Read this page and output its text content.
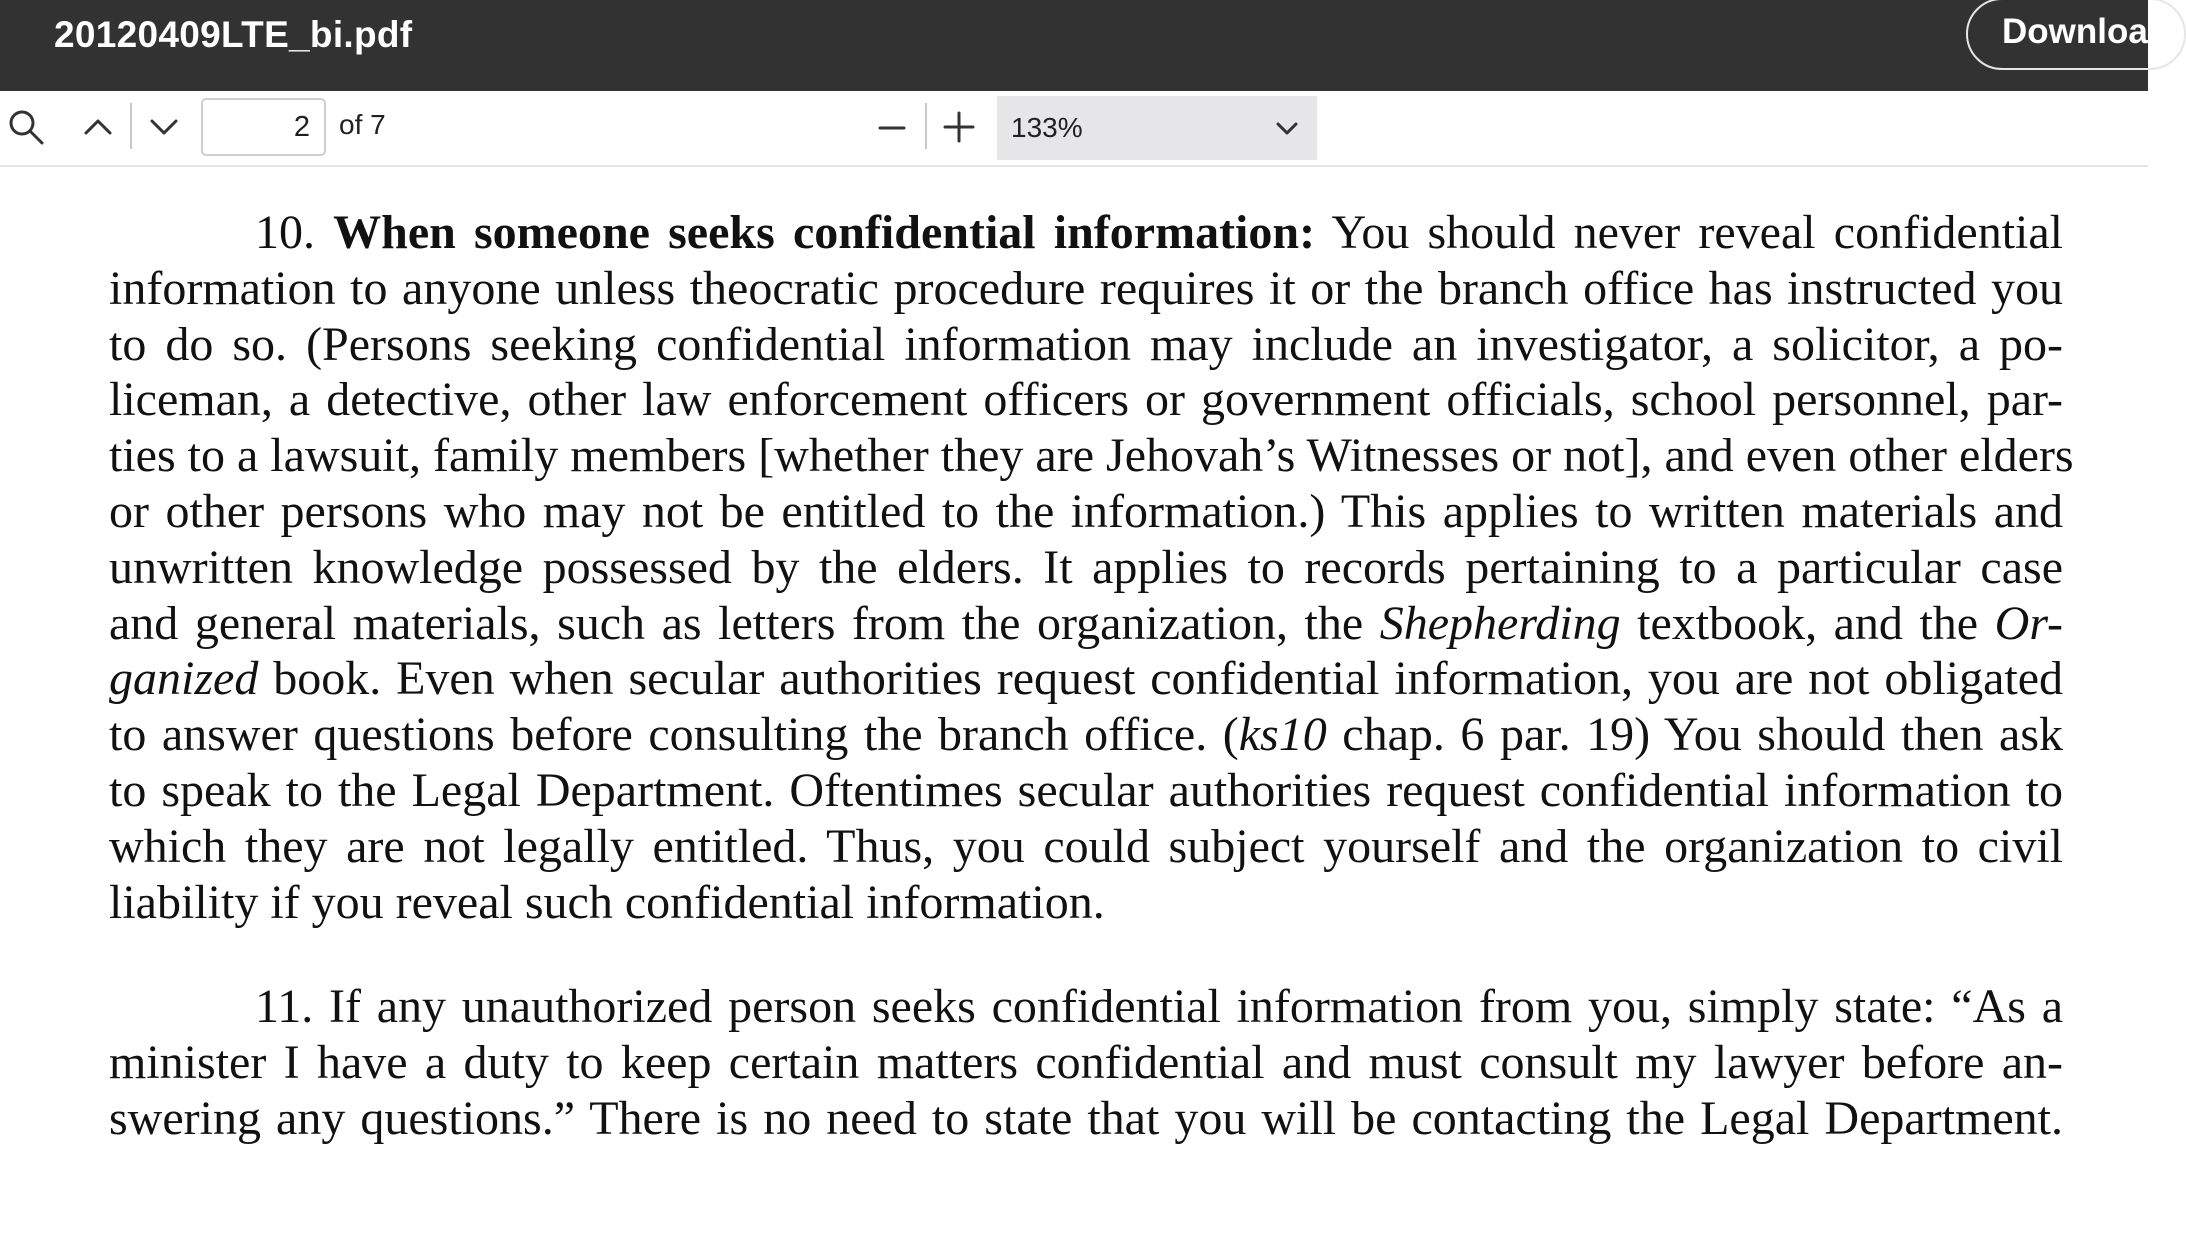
20120409LTE_bi.pdf	Download
2
of 7	133%
10. When someone seeks confidential information: You should never reveal confidential
information to anyone unless theocratic procedure requires it or the branch office has instructed you
to do so. (Persons seeking confidential information may include an investigator, a solicitor, a po-
liceman, a detective, other law enforcement officers or government officials, school personnel, par-
ties to a lawsuit, family members [whether they are Jehovah’s Witnesses or not], and even other elders
or other persons who may not be entitled to the information.) This applies to written materials and
unwritten knowledge possessed by the elders. It applies to records pertaining to a particular case
and general materials, such as letters from the organization, the Shepherding textbook, and the Or-
ganized book. Even when secular authorities request confidential information, you are not obligated
to answer questions before consulting the branch office. (ks10 chap. 6 par. 19) You should then ask
to speak to the Legal Department. Oftentimes secular authorities request confidential information to
which they are not legally entitled. Thus, you could subject yourself and the organization to civil
liability if you reveal such confidential information.
11. If any unauthorized person seeks confidential information from you, simply state: “As a
minister I have a duty to keep certain matters confidential and must consult my lawyer before an-
swering any questions.” There is no need to state that you will be contacting the Legal Department.
